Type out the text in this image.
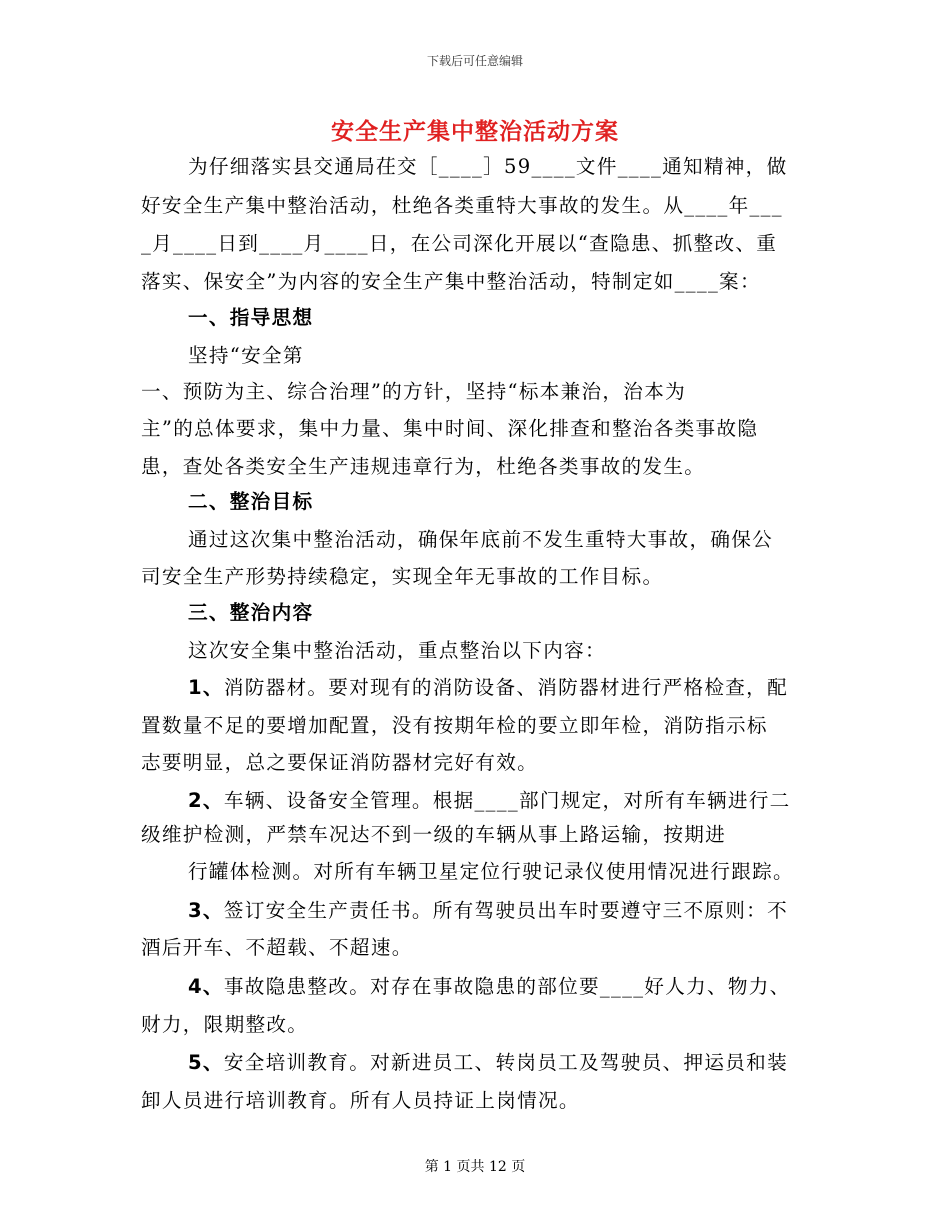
下载后可任意编辑
安全生产集中整治活动方案

为仔细落实县交通局茌交［____］59____文件____通知精神，做

好安全生产集中整治活动，杜绝各类重特大事故的发生。从____年___

_月____日到____月____日，在公司深化开展以“查隐患、抓整改、重

落实、保安全”为内容的安全生产集中整治活动，特制定如____案：

一、指导思想

坚持“安全第

一、预防为主、综合治理”的方针，坚持“标本兼治，治本为

主”的总体要求，集中力量、集中时间、深化排查和整治各类事故隐

患，查处各类安全生产违规违章行为，杜绝各类事故的发生。

二、整治目标

通过这次集中整治活动，确保年底前不发生重特大事故，确保公

司安全生产形势持续稳定，实现全年无事故的工作目标。

三、整治内容

这次安全集中整治活动，重点整治以下内容：

1、消防器材。要对现有的消防设备、消防器材进行严格检查，配

置数量不足的要增加配置，没有按期年检的要立即年检，消防指示标

志要明显，总之要保证消防器材完好有效。

2、车辆、设备安全管理。根据____部门规定，对所有车辆进行二

级维护检测，严禁车况达不到一级的车辆从事上路运输，按期进

行罐体检测。对所有车辆卫星定位行驶记录仪使用情况进行跟踪。

3、签订安全生产责任书。所有驾驶员出车时要遵守三不原则：不

酒后开车、不超载、不超速。

4、事故隐患整改。对存在事故隐患的部位要____好人力、物力、

财力，限期整改。

5、安全培训教育。对新进员工、转岗员工及驾驶员、押运员和装

卸人员进行培训教育。所有人员持证上岗情况。

第 1 页共 12 页
